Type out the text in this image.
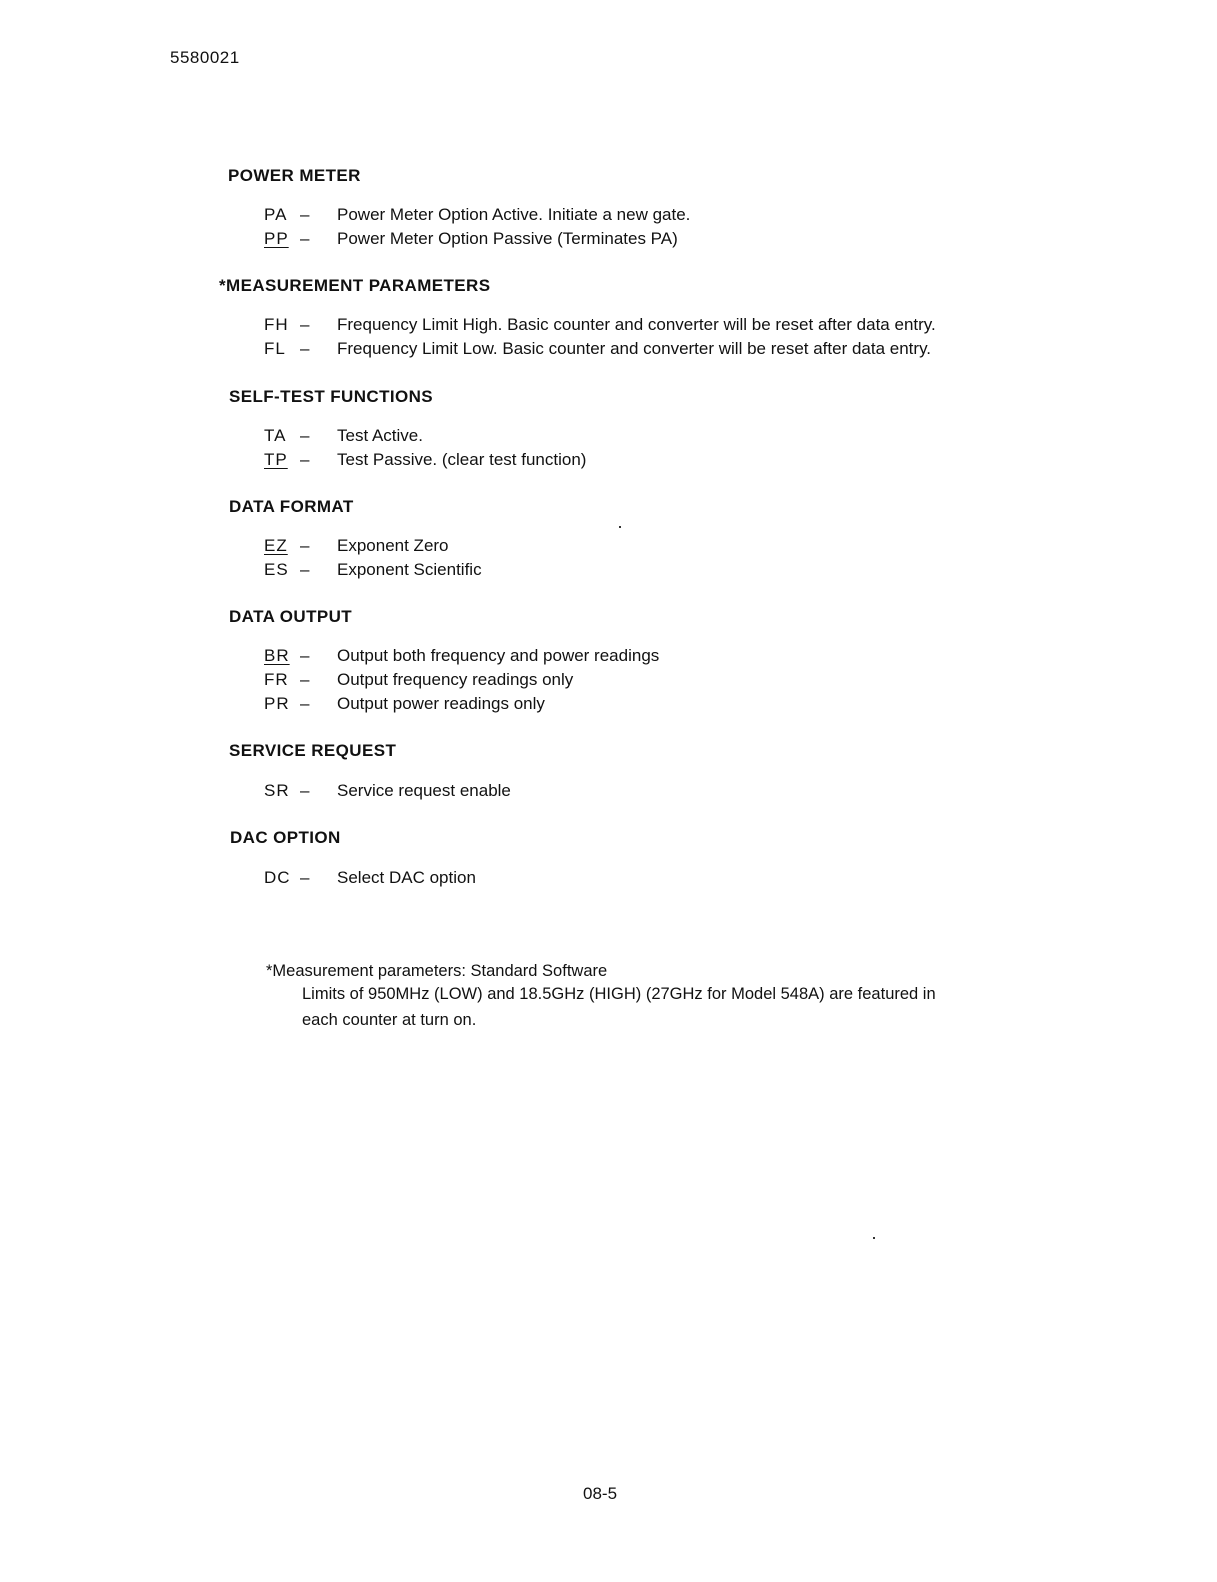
5580021
POWER METER
PA – Power Meter Option Active. Initiate a new gate.
PP – Power Meter Option Passive (Terminates PA)
*MEASUREMENT PARAMETERS
FH – Frequency Limit High. Basic counter and converter will be reset after data entry.
FL – Frequency Limit Low. Basic counter and converter will be reset after data entry.
SELF-TEST FUNCTIONS
TA – Test Active.
TP – Test Passive. (clear test function)
DATA FORMAT
EZ – Exponent Zero
ES – Exponent Scientific
DATA OUTPUT
BR – Output both frequency and power readings
FR – Output frequency readings only
PR – Output power readings only
SERVICE REQUEST
SR – Service request enable
DAC OPTION
DC – Select DAC option
*Measurement parameters: Standard Software
Limits of 950MHz (LOW) and 18.5GHz (HIGH) (27GHz for Model 548A) are featured in
each counter at turn on.
08-5
